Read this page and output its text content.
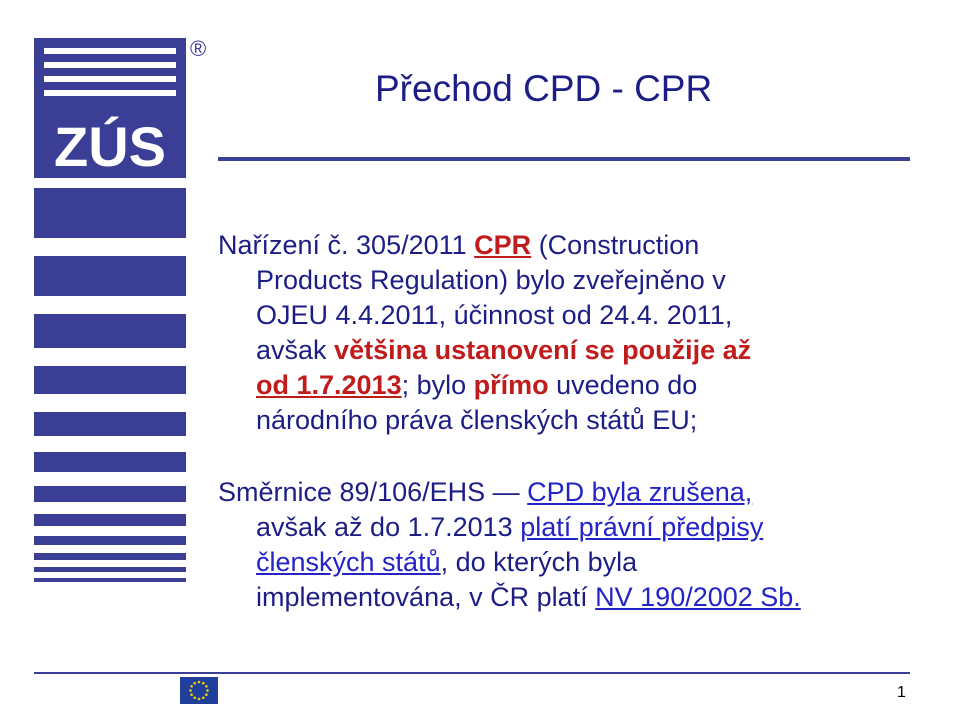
ZÚS
®
Přechod CPD - CPR
Nařízení č. 305/2011 CPR (Construction
Products Regulation) bylo zveřejněno v
OJEU 4.4.2011, účinnost od 24.4. 2011,
avšak většina ustanovení se použije až
od 1.7.2013; bylo přímo uvedeno do
národního práva členských států EU;
Směrnice 89/106/EHS ― CPD byla zrušena,
avšak až do 1.7.2013 platí právní předpisy
členských států, do kterých byla
implementována, v ČR platí NV 190/2002 Sb.
1
